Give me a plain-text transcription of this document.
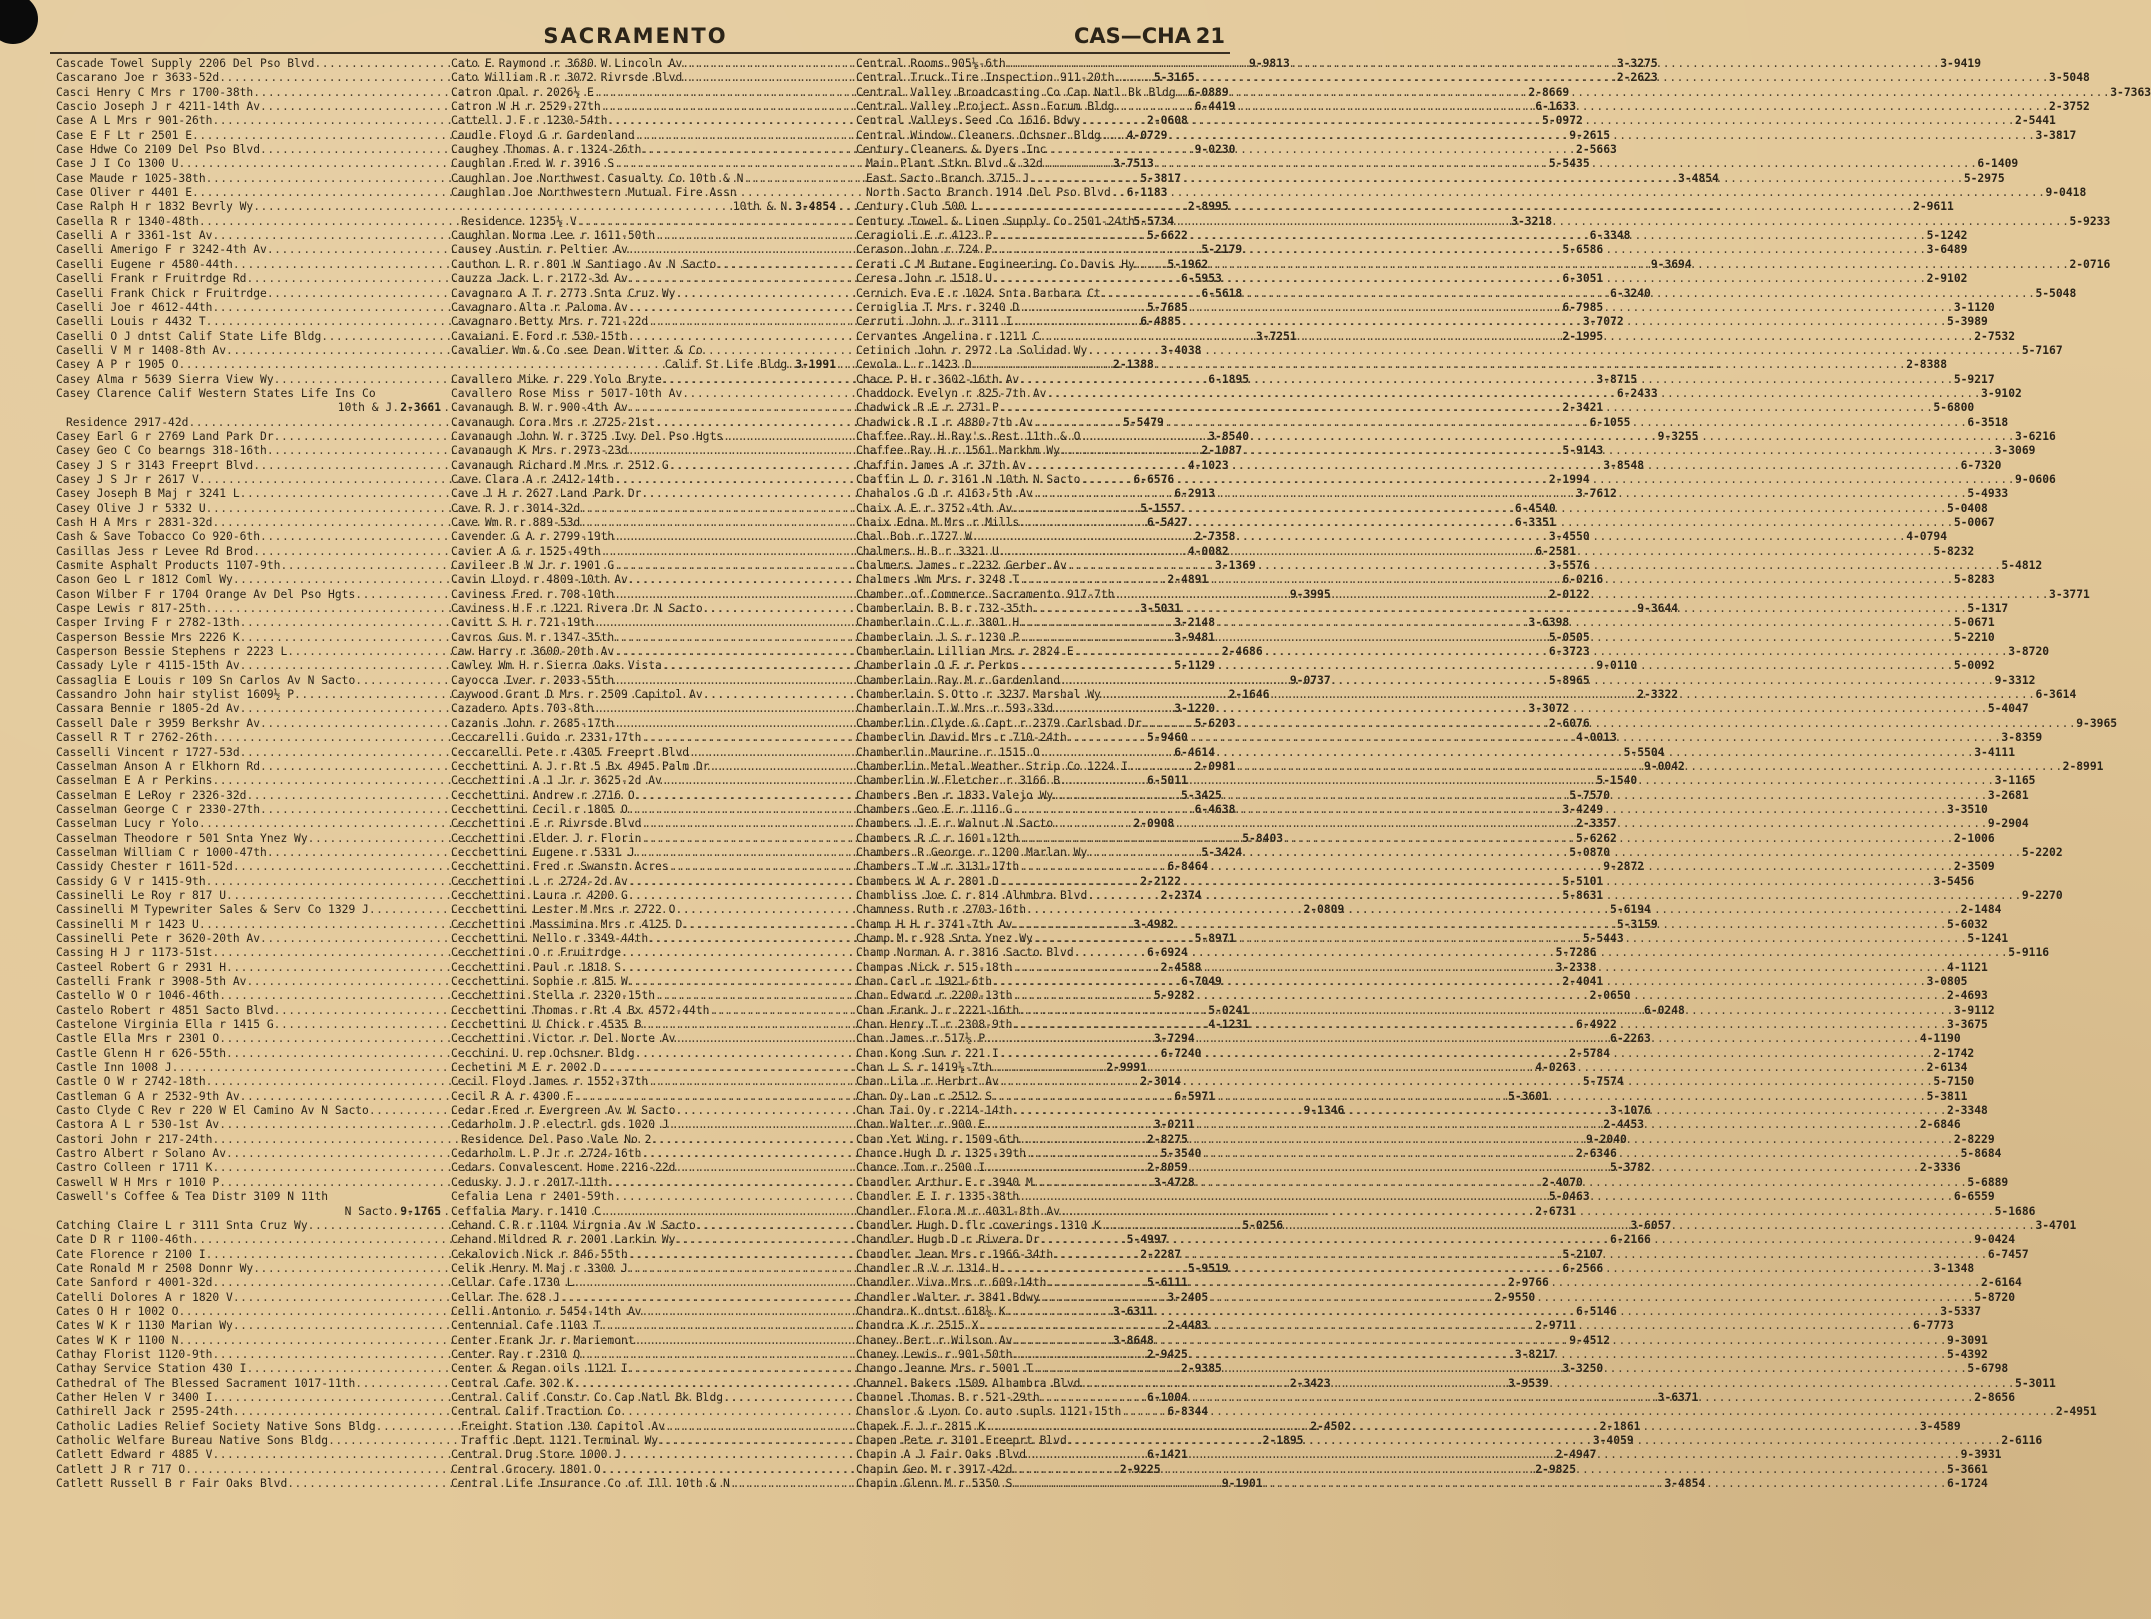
SACRAMENTO	CAS—CHA 21
Cascade Towel Supply 2206 Del Pso Blvd .....	9-9813
Cascarano Joe r 3633-52d .....	5-3165
Casci Henry C Mrs r 1700-38th .....	6-0889
Cascio Joseph J r 4211-14th Av .....	6-4419
Case A L Mrs r 901-26th .....	2-0608
Case E F Lt r 2501 E .....	4-0729
Case Hdwe Co 2109 Del Pso Blvd .....	9-0230
Case J I Co 1300 U .....	3-7513
Case Maude r 1025-38th .....	5-3817
Case Oliver r 4401 E .....	6-1183
Case Ralph H r 1832 Bevrly Wy .....	2-8995
Casella R r 1340-48th .....	5-5734
Caselli A r 3361-1st Av .....	5-6622
Caselli Amerigo F r 3242-4th Av .....	5-2179
Caselli Eugene r 4580-44th .....	5-1962
Caselli Frank r Fruitrdge Rd .....	6-5953
Caselli Frank Chick r Fruitrdge .....	6-5618
Caselli Joe r 4612-44th .....	5-7685
Caselli Louis r 4432 T .....	6-4885
Caselli O J dntst Calif State Life Bldg .....	3-7251
Caselli V M r 1408-8th Av .....	3-4038
Casey A P r 1905 O .....	2-1388
Casey Alma r 5639 Sierra View Wy .....	6-1895
Casey Clarence Calif Western States Life Ins Co
10th & J ..... 2-3661
Residence 2917-42d .....	5-5479
Casey Earl G r 2769 Land Park Dr .....	3-8540
Casey Geo C Co bearngs 318-16th .....	2-1087
Casey J S r 3143 Freeprt Blvd .....	4-1023
Casey J S Jr r 2617 V .....	6-6576
Casey Joseph B Maj r 3241 L .....	6-2913
Casey Olive J r 5332 U .....	5-1557
Cash H A Mrs r 2831-32d .....	6-5427
Cash & Save Tobacco Co 920-6th .....	2-7358
Casillas Jess r Levee Rd Brod .....	4-0082
Casmite Asphalt Products 1107-9th .....	3-1369
Cason Geo L r 1812 Coml Wy .....	2-4891
Cason Wilber F r 1704 Orange Av Del Pso Hgts .....	9-3995
Caspe Lewis r 817-25th .....	3-5031
Casper Irving F r 2782-13th .....	3-2148
Casperson Bessie Mrs 2226 K .....	3-9481
Casperson Bessie Stephens r 2223 L .....	2-4686
Cassady Lyle r 4115-15th Av .....	5-1129
Cassaglia E Louis r 109 Sn Carlos Av N Sacto .....	9-0737
Cassandro John hair stylist 1609½ P .....	2-1646
Cassara Bennie r 1805-2d Av .....	3-1220
Cassell Dale r 3959 Berkshr Av .....	5-6203
Cassell R T r 2762-26th .....	5-9460
Casselli Vincent r 1727-53d .....	6-4614
Casselman Anson A r Elkhorn Rd .....	2-0981
Casselman E A r Perkins .....	6-5011
Casselman E LeRoy r 2326-32d .....	5-3425
Casselman George C r 2330-27th .....	6-4638
Casselman Lucy r Yolo .....	2-0908
Casselman Theodore r 501 Snta Ynez Wy .....	5-8403
Casselman William C r 1000-47th .....	5-3424
Cassidy Chester r 1611-52d .....	6-8464
Cassidy G V r 1415-9th .....	2-2122
Cassinelli Le Roy r 817 U .....	2-2374
Cassinelli M Typewriter Sales & Serv Co 1329 J .....	2-0809
Cassinelli M r 1423 U .....	3-4982
Cassinelli Pete r 3620-20th Av .....	5-8971
Cassing H J r 1173-51st .....	6-6924
Casteel Robert G r 2931 H .....	2-4588
Castelli Frank r 3908-5th Av .....	6-7049
Castello W O r 1046-46th .....	5-9282
Castelo Robert r 4851 Sacto Blvd .....	5-0241
Castelone Virginia Ella r 1415 G .....	4-1231
Castle Ella Mrs r 2301 O .....	3-7294
Castle Glenn H r 626-55th .....	6-7240
Castle Inn 1008 J .....	2-9991
Castle O W r 2742-18th .....	2-3014
Castleman G A r 2532-9th Av .....	6-5971
Casto Clyde C Rev r 220 W El Camino Av N Sacto .....	9-1346
Castora A L r 530-1st Av .....	3-0211
Castori John r 217-24th .....	2-8275
Castro Albert r Solano Av .....	5-3540
Castro Colleen r 1711 K .....	2-8059
Caswell W H Mrs r 1010 P .....	3-4728
Caswell's Coffee & Tea Distr 3109 N 11th
N Sacto ..... 9-1765
Catching Claire L r 3111 Snta Cruz Wy .....	5-0256
Cate D R r 1100-46th .....	5-4997
Cate Florence r 2100 I .....	2-2287
Cate Ronald M r 2508 Donnr Wy .....	5-9519
Cate Sanford r 4001-32d .....	5-6111
Catelli Dolores A r 1820 V .....	3-2405
Cates O H r 1002 O .....	3-6311
Cates W K r 1130 Marian Wy .....	2-4483
Cates W K r 1100 N .....	3-8648
Cathay Florist 1120-9th .....	2-9425
Cathay Service Station 430 I .....	2-9385
Cathedral of The Blessed Sacrament 1017-11th .....	2-3423
Cather Helen V r 3400 I .....	6-1004
Cathirell Jack r 2595-24th .....	6-8344
Catholic Ladies Relief Society Native Sons Bldg .....	2-4502
Catholic Welfare Bureau Native Sons Bldg .....	2-1895
Catlett Edward r 4885 V .....	6-1421
Catlett J R r 717 O .....	2-9225
Catlett Russell B r Fair Oaks Blvd .....	9-1901
Cato E Raymond r 3680 W Lincoln Av .....	3-3275
Cato William R r 3072 Rivrsde Blvd .....	2-2623
Catron Opal r 2026½ E .....	2-8669
Catron W H r 2529-27th .....	6-1633
Cattell J F r 1230-54th .....	5-0972
Caudle Floyd G r Gardenland .....	9-2615
Caughey Thomas A r 1324-26th .....	2-5663
Caughlan Fred W r 3916 S .....	5-5435
Caughlan Joe Northwest Casualty Co 10th & N .....	3-4854
Caughlan Joe Northwestern Mutual Fire Assn
10th & N ..... 3-4854
Residence 1235½ V .....	3-3218
Caughlan Norma Lee r 1611-50th .....	6-3348
Causey Austin r Peltier Av .....	5-6586
Cauthon L R r 801 W Santiago Av N Sacto .....	9-3694
Cauzza Jack L r 2172-3d Av .....	6-3051
Cavagnaro A T r 2773 Snta Cruz Wy .....	6-3240
Cavagnaro Alta r Paloma Av .....	6-7985
Cavagnaro Betty Mrs r 721-22d .....	3-7072
Cavaiani E Ford r 530-15th .....	2-1995
Cavalier Wm & Co see Dean Witter & Co
Calif St Life Bldg ..... 3-1991
Cavallero Mike r 229 Yolo Bryte .....	3-8715
Cavallero Rose Miss r 5017-10th Av .....	6-2433
Cavanaugh B W r 900-4th Av .....	2-3421
Cavanaugh Cora Mrs r 2725-21st .....	6-1055
Cavanaugh John W r 3725 Ivy Del Pso Hgts .....	9-3255
Cavanaugh K Mrs r 2973-23d .....	5-9143
Cavanaugh Richard M Mrs r 2512 G .....	3-8548
Cave Clara A r 2412-14th .....	2-1994
Cave J H r 2627 Land Park Dr .....	3-7612
Cave R J r 3014-32d .....	6-4540
Cave Wm R r 889-53d .....	6-3351
Cavender G A r 2799-19th .....	3-4550
Cavier A G r 1525-49th .....	6-2581
Cavileer B W Jr r 1901 G .....	3-5576
Cavin Lloyd r 4809-10th Av .....	6-0216
Caviness Fred r 708-10th .....	2-0122
Caviness H F r 1221 Rivera Dr N Sacto .....	9-3644
Cavitt S H r 721-19th .....	3-6398
Cavros Gus M r 1347-35th .....	5-0505
Caw Harry r 3600-20th Av .....	6-3723
Cawley Wm H r Sierra Oaks Vista .....	9-0110
Cayocca Iver r 2033-55th .....	5-8965
Caywood Grant D Mrs r 2509 Capitol Av .....	2-3322
Cazadero Apts 703-8th .....	3-3072
Cazanis John r 2685-17th .....	2-6076
Ceccarelli Guido r 2331-17th .....	4-0013
Ceccarelli Pete r 4305 Freeprt Blvd .....	5-5504
Cecchettini A J r Rt 5 Bx 4945 Palm Dr .....	9-0042
Cecchettini A J Jr r 3625-2d Av .....	5-1540
Cecchettini Andrew r 2716 O .....	5-7570
Cecchettini Cecil r 1805 O .....	3-4249
Cecchettini E r Rivrsde Blvd .....	2-3357
Cecchettini Elder J r Florin .....	5-6262
Cecchettini Eugene r 5331 J .....	5-0870
Cecchettini Fred r Swanstn Acres .....	9-2872
Cecchettini L r 2724-2d Av .....	5-5101
Cecchettini Laura r 4200 G .....	5-8631
Cecchettini Lester M Mrs r 2722 O .....	5-6194
Cecchettini Massimina Mrs r 4125 D .....	5-3159
Cecchettini Nello r 3349-44th .....	5-5443
Cecchettini O r Fruitrdge .....	5-7286
Cecchettini Paul r 1818 S .....	3-2338
Cecchettini Sophie r 815 W .....	2-4041
Cecchettini Stella r 2320-15th .....	2-0650
Cecchettini Thomas r Rt 4 Bx 4572-44th .....	6-0248
Cecchettini U Chick r 4535 B .....	6-4922
Cecchettini Victor r Del Norte Av .....	6-2263
Cecchini U rep Ochsner Bldg .....	2-5784
Cechetini M E r 2002 D .....	4-0263
Cecil Floyd James r 1552-37th .....	5-7574
Cecil R A r 4300 F .....	5-3601
Cedar Fred r Evergreen Av W Sacto .....	3-1076
Cedarholm J P electrl gds 1020 J .....	2-4453
Residence Del Paso Vale No 2 .....	9-2040
Cedarholm L P Jr r 2724-16th .....	2-6346
Cedars Convalescent Home 2216-22d .....	5-3782
Cedusky J J r 2017-11th .....	2-4070
Cefalia Lena r 2401-59th .....	5-0463
Ceffalia Mary r 1410 C .....	2-6731
Cehand C R r 1104 Virgnia Av W Sacto .....	3-6057
Cehand Mildred R r 2001 Larkin Wy .....	6-2166
Cekalovich Nick r 846-55th .....	5-2107
Celik Henry M Maj r 3300 J .....	6-2566
Cellar Cafe 1730 L .....	2-9766
Cellar The 628 J .....	2-9550
Celli Antonio r 5454-14th Av .....	6-5146
Centennial Cafe 1103 T .....	2-9711
Center Frank Jr r Mariemont .....	9-4512
Center Ray r 2310 Q .....	3-8217
Center & Regan oils 1121 I .....	3-3250
Central Cafe 302 K .....	3-9539
Central Calif Constr Co Cap Natl Bk Bldg .....	3-6371
Central Calif Traction Co
Freight Station 130 Capitol Av .....	2-1861
Traffic Dept 1121 Terminal Wy .....	3-4059
Central Drug Store 1000 J .....	2-4947
Central Grocery 1801 O .....	2-9825
Central Life Insurance Co of Ill 10th & N .....	3-4854
Central Rooms 905½-6th .....	3-9419
Central Truck Tire Inspection 911-20th .....	3-5048
Central Valley Broadcasting Co Cap Natl Bk Bldg .....	3-7363
Central Valley Project Assn Forum Bldg .....	2-3752
Central Valleys Seed Co 1616 Bdwy .....	2-5441
Central Window Cleaners Ochsner Bldg .....	3-3817
Century Cleaners & Dyers Inc
Main Plant Stkn Blvd & 32d .....	6-1409
East Sacto Branch 3715 J .....	5-2975
North Sacto Branch 1914 Del Pso Blvd .....	9-0418
Century Club 500 L .....	2-9611
Century Towel & Linen Supply Co 2501-24th .....	5-9233
Ceragioli E r 4123 P .....	5-1242
Cerason John r 724 P .....	3-6489
Cerati C M Butane Engineering Co Davis Hy .....	2-0716
Ceresa John r 1518 U .....	2-9102
Cernich Eva E r 1024 Snta Barbara Ct .....	5-5048
Cerniglia T Mrs r 3240 D .....	3-1120
Cerruti John J r 3111 I .....	5-3989
Cervantes Angelina r 1211 C .....	2-7532
Cetinich John r 2972 La Solidad Wy .....	5-7167
Cevola L r 1423 D .....	2-8388
Chace P H r 3602-16th Av .....	5-9217
Chaddock Evelyn r 825-7th Av .....	3-9102
Chadwick R E r 2731 P .....	5-6800
Chadwick R I r 4880-7th Av .....	6-3518
Chaffee Ray H Ray's Rest 11th & O .....	3-6216
Chaffee Ray H r 1561 Markhm Wy .....	3-3069
Chaffin James A r 37th Av .....	6-7320
Chaffin L O r 3161 N 10th N Sacto .....	9-0606
Chahalos G D r 4163-5th Av .....	5-4933
Chaix A E r 3752-4th Av .....	5-0408
Chaix Edna M Mrs r Mills .....	5-0067
Chal Bob r 1727 W .....	4-0794
Chalmers H B r 3321 U .....	5-8232
Chalmers James r 2232 Gerber Av .....	5-4812
Chalmers Wm Mrs r 3248 T .....	5-8283
Chamber of Commerce Sacramento 917-7th .....	3-3771
Chamberlain B B r 732-35th .....	5-1317
Chamberlain C L r 3801 H .....	5-0671
Chamberlain J S r 1230 P .....	5-2210
Chamberlain Lillian Mrs r 2824 E .....	3-8720
Chamberlain O F r Perkns .....	5-0092
Chamberlain Ray M r Gardenland .....	9-3312
Chamberlain S Otto r 3237 Marshal Wy .....	6-3614
Chamberlain T W Mrs r 593-33d .....	5-4047
Chamberlin Clyde G Capt r 2379 Carlsbad Dr .....	9-3965
Chamberlin David Mrs r 710-24th .....	3-8359
Chamberlin Maurine r 1515 O .....	3-4111
Chamberlin Metal Weather Strip Co 1224 I .....	2-8991
Chamberlin W Fletcher r 3166 B .....	3-1165
Chambers Ben r 1833 Valejo Wy .....	3-2681
Chambers Geo E r 1116 G .....	3-3510
Chambers J E r Walnut N Sacto .....	9-2904
Chambers R C r 1601-12th .....	2-1006
Chambers R George r 1200 Marlan Wy .....	5-2202
Chambers T W r 3131-17th .....	2-3509
Chambers W A r 2801 D .....	3-5456
Chambliss Joe C r 814 Alhmbra Blvd .....	9-2270
Chamness Ruth r 2703-16th .....	2-1484
Champ H H r 3741-7th Av .....	5-6032
Champ M r 928 Snta Ynez Wy .....	5-1241
Champ Norman A r 3816 Sacto Blvd .....	5-9116
Champas Nick r 515-18th .....	4-1121
Chan Carl r 1921-6th .....	3-0805
Chan Edward r 2200-13th .....	2-4693
Chan Frank J r 2221-16th .....	3-9112
Chan Henry T r 2308-9th .....	3-3675
Chan James r 517½ P .....	4-1190
Chan Kong Sun r 221 I .....	2-1742
Chan L S r 1419½-7th .....	2-6134
Chan Lila r Herbrt Av .....	5-7150
Chan Oy Lan r 2512 S .....	5-3811
Chan Tai Oy r 2214-14th .....	2-3348
Chan Walter r 900 E .....	2-6846
Chan Yet Wing r 1509-6th .....	2-8229
Chance Hugh D r 1325-39th .....	5-8684
Chance Tom r 2500 I .....	2-3336
Chandler Arthur E r 3940 M .....	5-6889
Chandler E I r 1335-38th .....	6-6559
Chandler Flora M r 4031-8th Av .....	5-1686
Chandler Hugh D flr coverings 1310 K .....	3-4701
Chandler Hugh D r Rivera Dr .....	9-0424
Chandler Jean Mrs r 1966-34th .....	6-7457
Chandler R V r 1314 H .....	3-1348
Chandler Viva Mrs r 609-14th .....	2-6164
Chandler Walter r 3841 Bdwy .....	5-8720
Chandra K dntst 618½ K .....	3-5337
Chandra K r 2515 X .....	6-7773
Chaney Bert r Wilson Av .....	9-3091
Chaney Lewis r 901-50th .....	5-4392
Chango Jeanne Mrs r 5001 T .....	5-6798
Channel Bakers 1509 Alhambra Blvd .....	5-3011
Channel Thomas B r 521-29th .....	2-8656
Chanslor & Lyon Co auto supls 1121-15th .....	2-4951
Chapek F J r 2815 K .....	3-4589
Chapen Pete r 3101 Freeprt Blvd .....	2-6116
Chapin A J Fair Oaks Blvd .....	9-3931
Chapin Geo M r 3917-42d .....	5-3661
Chapin Glenn M r 5350 S .....	6-1724
